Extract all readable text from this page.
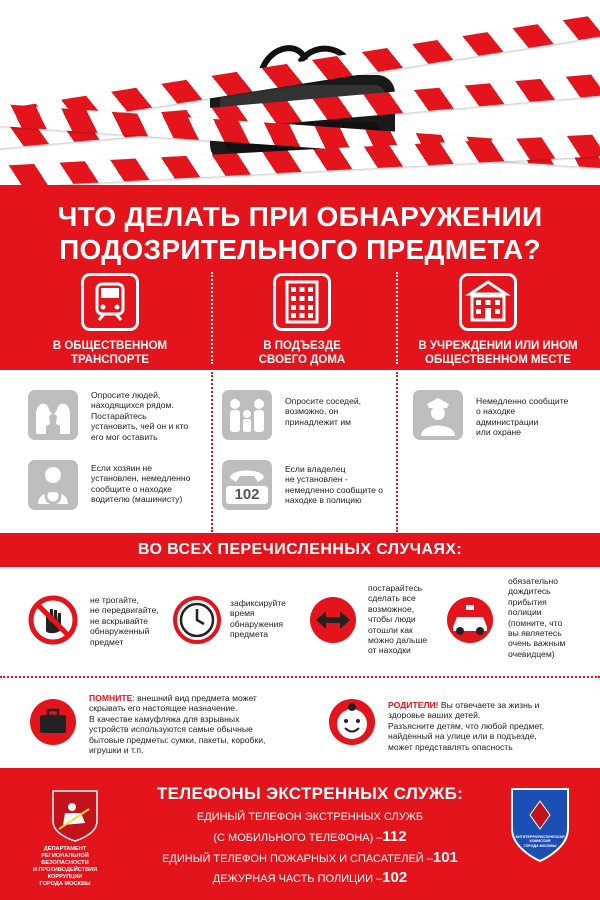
ЧТО ДЕЛАТЬ ПРИ ОБНАРУЖЕНИИ
ПОДОЗРИТЕЛЬНОГО ПРЕДМЕТА?
В ОБЩЕСТВЕННОМ
ТРАНСПОРТЕ
В ПОДЪЕЗДЕ
СВОЕГО ДОМА
В УЧРЕЖДЕНИИ ИЛИ ИНОМ
ОБЩЕСТВЕННОМ МЕСТЕ
Опросите людей,
находящихся рядом.
Постарайтесь
установить, чей он и кто
его мог оставить
Если хозяин не
установлен, немедленно
сообщите о находке
водителю (машинисту)
Опросите соседей,
возможно, он
принадлежит им
102
Если владелец
не установлен -
немедленно сообщите о
находке в полицию
Немедленно сообщите
о находке
администрации
или охране
ВО ВСЕХ ПЕРЕЧИСЛЕННЫХ СЛУЧАЯХ:
не трогайте,
не передвигайте,
не вскрывайте
обнаруженный
предмет
зафиксируйте
время
обнаружения
предмета
постарайтесь
сделать все
возможное,
чтобы люди
отошли как
можно дальше
от находки
обязательно
дождитесь
прибытия
полиции
(помните, что
вы являетесь
очень важным
очевидцем)
ПОМНИТЕ: внешний вид предмета может
скрывать его настоящее назначение.
В качестве камуфляжа для взрывных
устройств используются самые обычные
бытовые предметы: сумки, пакеты, коробки,
игрушки и т.п.
РОДИТЕЛИ! Вы отвечаете за жизнь и
здоровье ваших детей.
Разъясните детям, что любой предмет,
найденный на улице или в подъезде,
может представлять опасность
ДЕПАРТАМЕНТ РЕГИОНАЛЬНОЙ
БЕЗОПАСНОСТИ
И ПРОТИВОДЕЙСТВИЯ
КОРРУПЦИИ
ГОРОДА МОСКВЫ
ТЕЛЕФОНЫ ЭКСТРЕННЫХ СЛУЖБ:
ЕДИНЫЙ ТЕЛЕФОН ЭКСТРЕННЫХ СЛУЖБ
(С МОБИЛЬНОГО ТЕЛЕФОНА) –112
ЕДИНЫЙ ТЕЛЕФОН ПОЖАРНЫХ И СПАСАТЕЛЕЙ –101
ДЕЖУРНАЯ ЧАСТЬ ПОЛИЦИИ –102
АНТИТЕРРОРИСТИЧЕСКАЯ
КОМИССИЯ
ГОРОДА МОСКВЫ
